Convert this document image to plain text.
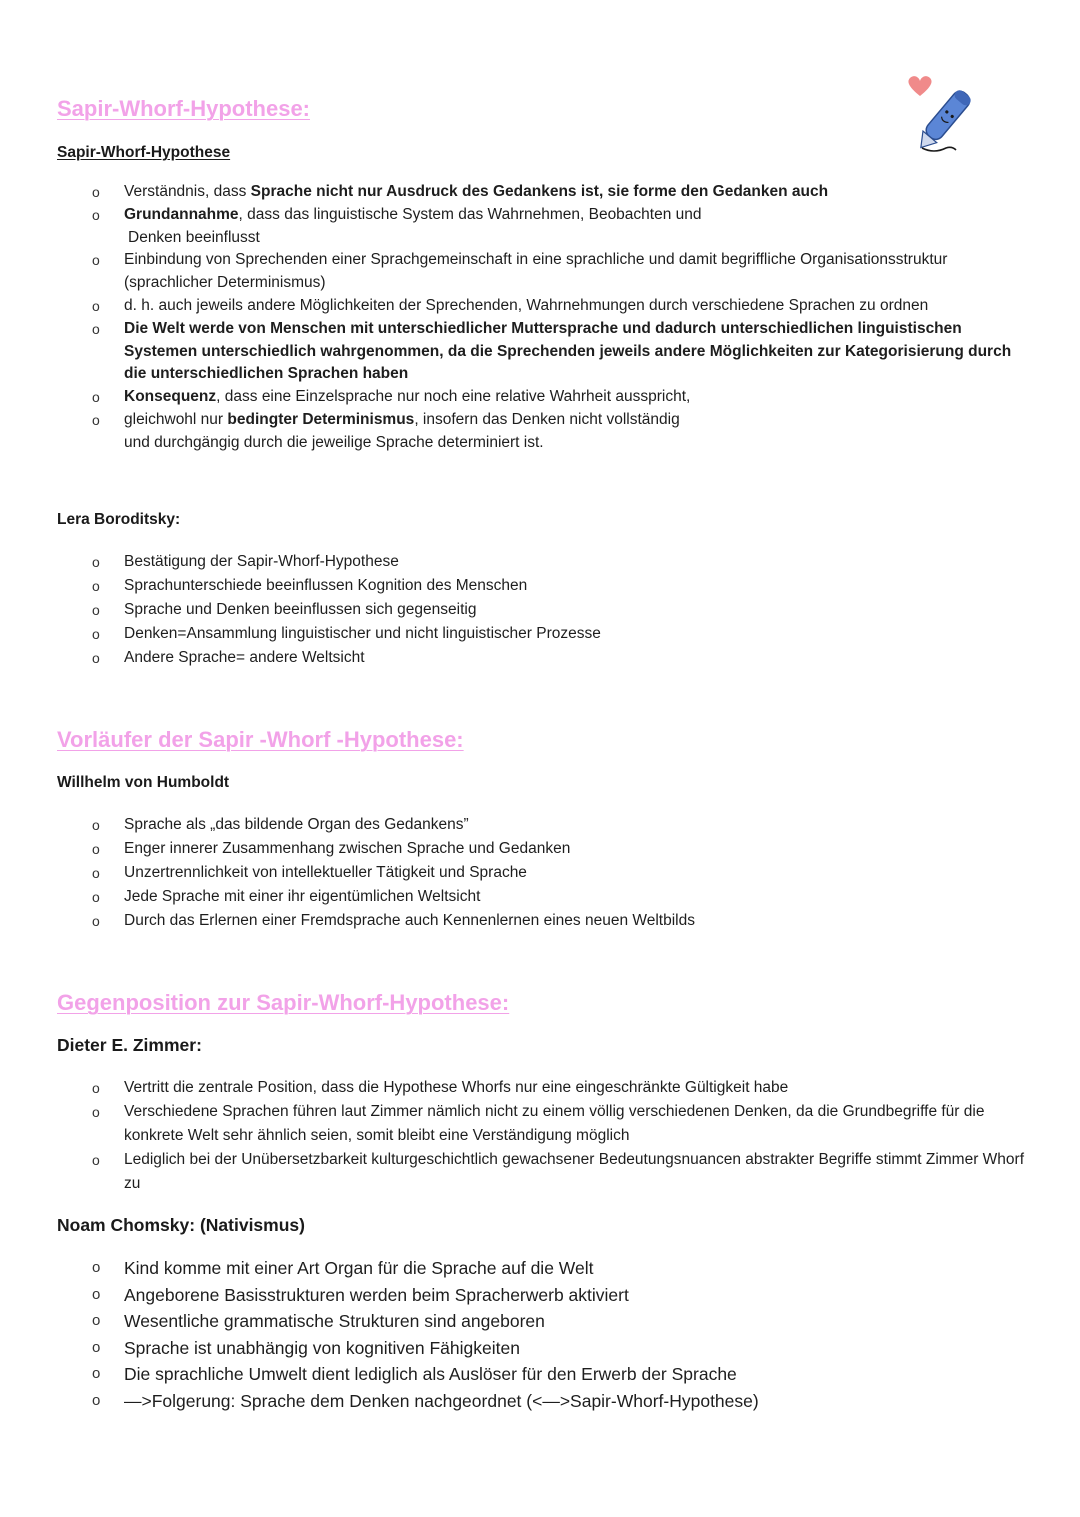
Sapir-Whorf-Hypothese:
Sapir-Whorf-Hypothese
o Verständnis, dass Sprache nicht nur Ausdruck des Gedankens ist, sie forme den Gedanken auch
o Grundannahme, dass das linguistische System das Wahrnehmen, Beobachten und
Denken beeinflusst
o Einbindung von Sprechenden einer Sprachgemeinschaft in eine sprachliche und damit begriffliche Organisationsstruktur (sprachlicher Determinismus)
o d. h. auch jeweils andere Möglichkeiten der Sprechenden, Wahrnehmungen durch verschiedene Sprachen zu ordnen
o Die Welt werde von Menschen mit unterschiedlicher Muttersprache und dadurch unterschiedlichen linguistischen Systemen unterschiedlich wahrgenommen, da die Sprechenden jeweils andere Möglichkeiten zur Kategorisierung durch die unterschiedlichen Sprachen haben
o Konsequenz, dass eine Einzelsprache nur noch eine relative Wahrheit ausspricht,
o gleichwohl nur bedingter Determinismus, insofern das Denken nicht vollständig
und durchgängig durch die jeweilige Sprache determiniert ist.
Lera Boroditsky:
o Bestätigung der Sapir-Whorf-Hypothese
o Sprachunterschiede beeinflussen Kognition des Menschen
o Sprache und Denken beeinflussen sich gegenseitig
o Denken=Ansammlung linguistischer und nicht linguistischer Prozesse
o Andere Sprache= andere Weltsicht
Vorläufer der Sapir -Whorf -Hypothese:
Willhelm von Humboldt
o Sprache als „das bildende Organ des Gedankens”
o Enger innerer Zusammenhang zwischen Sprache und Gedanken
o Unzertrennlichkeit von intellektueller Tätigkeit und Sprache
o Jede Sprache mit einer ihr eigentümlichen Weltsicht
o Durch das Erlernen einer Fremdsprache auch Kennenlernen eines neuen Weltbilds
Gegenposition zur Sapir-Whorf-Hypothese:
Dieter E. Zimmer:
o Vertritt die zentrale Position, dass die Hypothese Whorfs nur eine eingeschränkte Gültigkeit habe
o Verschiedene Sprachen führen laut Zimmer nämlich nicht zu einem völlig verschiedenen Denken, da die Grundbegriffe für die konkrete Welt sehr ähnlich seien, somit bleibt eine Verständigung möglich
o Lediglich bei der Unübersetzbarkeit kulturgeschichtlich gewachsener Bedeutungsnuancen abstrakter Begriffe stimmt Zimmer Whorf zu
Noam Chomsky: (Nativismus)
o Kind komme mit einer Art Organ für die Sprache auf die Welt
o Angeborene Basisstrukturen werden beim Spracherwerb aktiviert
o Wesentliche grammatische Strukturen sind angeboren
o Sprache ist unabhängig von kognitiven Fähigkeiten
o Die sprachliche Umwelt dient lediglich als Auslöser für den Erwerb der Sprache
o —>Folgerung: Sprache dem Denken nachgeordnet (<—>Sapir-Whorf-Hypothese)
